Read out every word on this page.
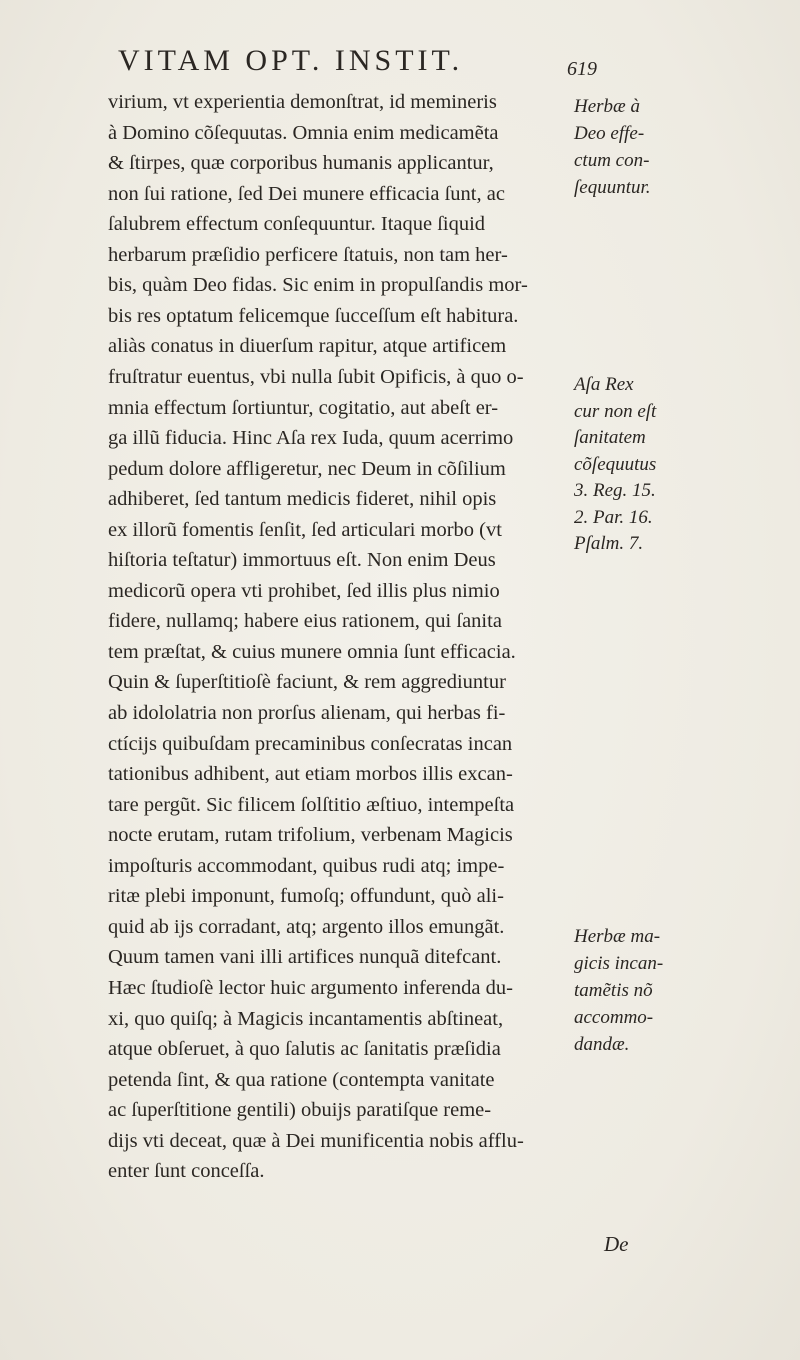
VITAM OPT. INSTIT.	619
virium, vt experientia demonſtrat, id memineris
à Domino cõſequutas. Omnia enim medicamẽta
& ſtirpes, quæ corporibus humanis applicantur,
non ſui ratione, ſed Dei munere efficacia ſunt, ac
ſalubrem effectum conſequuntur. Itaque ſiquid
herbarum præſidio perficere ſtatuis, non tam her-
bis, quàm Deo fidas. Sic enim in propulſandis mor-
bis res optatum felicemque ſucceſſum eſt habitura.
aliàs conatus in diuerſum rapitur, atque artificem
fruſtratur euentus, vbi nulla ſubit Opificis, à quo o-
mnia effectum ſortiuntur, cogitatio, aut abeſt er-
ga illũ fiducia. Hinc Aſa rex Iuda, quum acerrimo
pedum dolore affligeretur, nec Deum in cõſilium
adhiberet, ſed tantum medicis fideret, nihil opis
ex illorũ fomentis ſenſit, ſed articulari morbo (vt
hiſtoria teſtatur) immortuus eſt. Non enim Deus
medicorũ opera vti prohibet, ſed illis plus nimio
fidere, nullamq; habere eius rationem, qui ſanita
tem præſtat, & cuius munere omnia ſunt efficacia.
Quin & ſuperſtitioſè faciunt, & rem aggrediuntur
ab idololatria non prorſus alienam, qui herbas fi-
ctícijs quibuſdam precaminibus conſecratas incan
tationibus adhibent, aut etiam morbos illis excan-
tare pergũt. Sic filicem ſolſtitio æſtiuo, intempeſta
nocte erutam, rutam trifolium, verbenam Magicis
impoſturis accommodant, quibus rudi atq; impe-
ritæ plebi imponunt, fumoſq; offundunt, quò ali-
quid ab ijs corradant, atq; argento illos emungãt.
Quum tamen vani illi artifices nunquã ditefcant.
Hæc ſtudioſè lector huic argumento inferenda du-
xi, quo quiſq; à Magicis incantamentis abſtineat,
atque obſeruet, à quo ſalutis ac ſanitatis præſidia
petenda ſint, & qua ratione (contempta vanitate
ac ſuperſtitione gentili) obuijs paratiſque reme-
dijs vti deceat, quæ à Dei munificentia nobis afflu-
enter ſunt conceſſa.
Herbæ à
Deo effe-
ctum con-
ſequuntur.
Aſa Rex
cur non eſt
ſanitatem
cõſequutus
3. Reg. 15.
2. Par. 16.
Pſalm. 7.
Herbæ ma-
gicis incan-
tamẽtis nõ
accommo-
dandæ.
De
